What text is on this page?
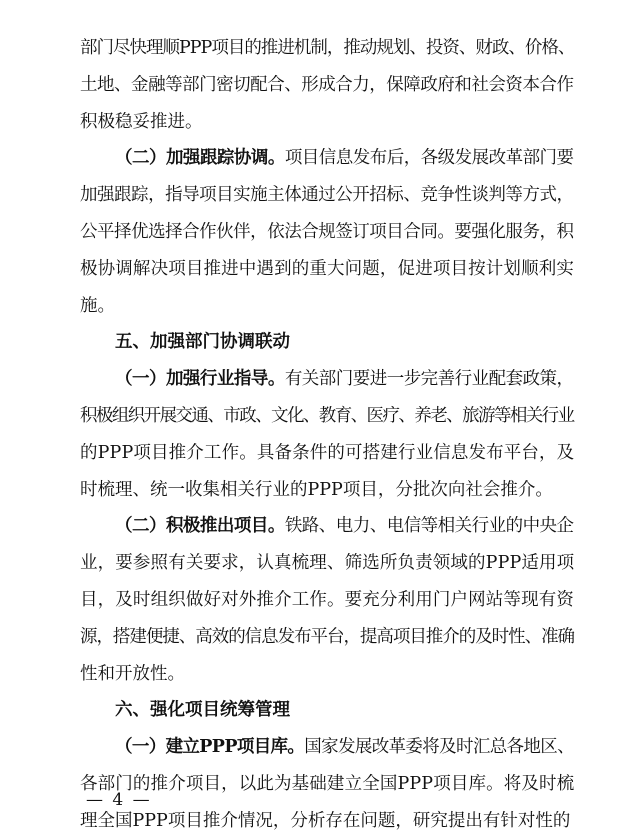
部门尽快理顺PPP项目的推进机制，推动规划、投资、财政、价格、
土地、金融等部门密切配合、形成合力，保障政府和社会资本合作
积极稳妥推进。

（二）加强跟踪协调。项目信息发布后，各级发展改革部门要
加强跟踪，指导项目实施主体通过公开招标、竞争性谈判等方式，
公平择优选择合作伙伴，依法合规签订项目合同。要强化服务，积
极协调解决项目推进中遇到的重大问题，促进项目按计划顺利实
施。

五、加强部门协调联动

（一）加强行业指导。有关部门要进一步完善行业配套政策，
积极组织开展交通、市政、文化、教育、医疗、养老、旅游等相关行业
的PPP项目推介工作。具备条件的可搭建行业信息发布平台，及
时梳理、统一收集相关行业的PPP项目，分批次向社会推介。

（二）积极推出项目。铁路、电力、电信等相关行业的中央企
业，要参照有关要求，认真梳理、筛选所负责领域的PPP适用项
目，及时组织做好对外推介工作。要充分利用门户网站等现有资
源，搭建便捷、高效的信息发布平台，提高项目推介的及时性、准确
性和开放性。

六、强化项目统筹管理

（一）建立PPP项目库。国家发展改革委将及时汇总各地区、
各部门的推介项目，以此为基础建立全国PPP项目库。将及时梳
理全国PPP项目推介情况，分析存在问题，研究提出有针对性的

— 4 —
